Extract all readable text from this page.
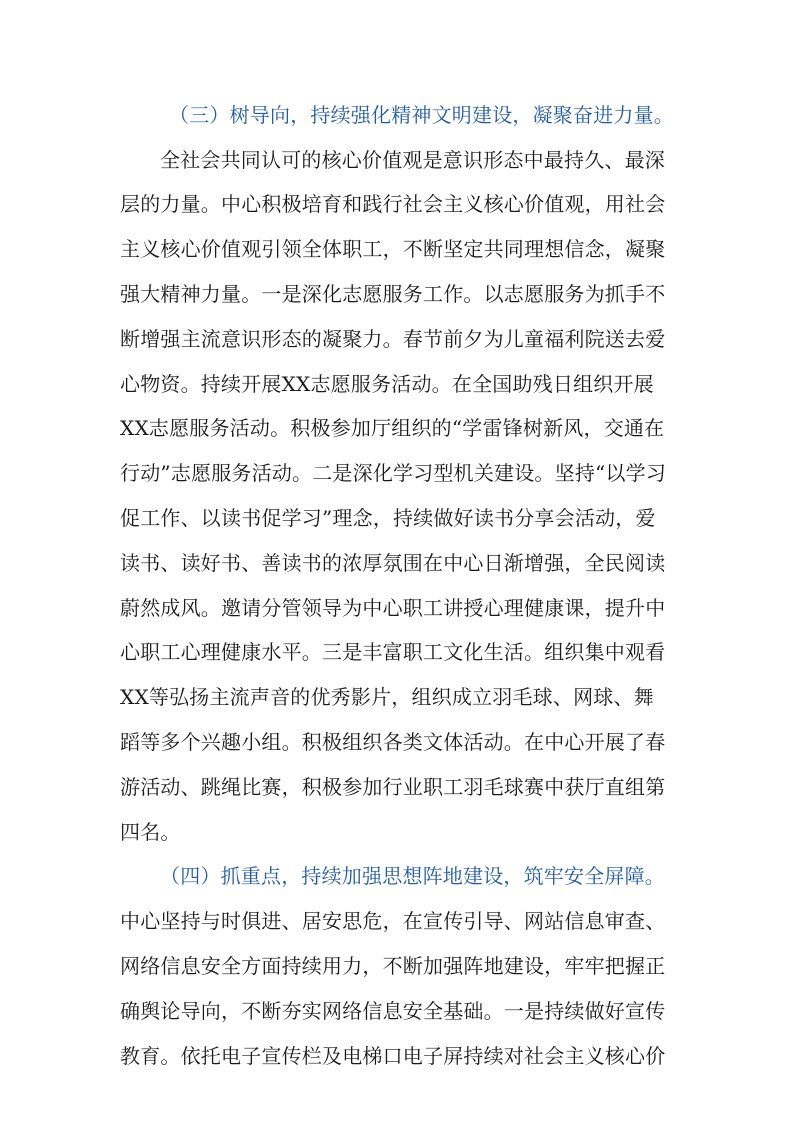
（三）树导向，持续强化精神文明建设，凝聚奋进力量。
全社会共同认可的核心价值观是意识形态中最持久、最深
层的力量。中心积极培育和践行社会主义核心价值观，用社会
主义核心价值观引领全体职工，不断坚定共同理想信念，凝聚
强大精神力量。一是深化志愿服务工作。以志愿服务为抓手不
断增强主流意识形态的凝聚力。春节前夕为儿童福利院送去爱
心物资。持续开展XX志愿服务活动。在全国助残日组织开展
XX志愿服务活动。积极参加厅组织的“学雷锋树新风，交通在
行动”志愿服务活动。二是深化学习型机关建设。坚持“以学习
促工作、以读书促学习”理念，持续做好读书分享会活动，爱
读书、读好书、善读书的浓厚氛围在中心日渐增强，全民阅读
蔚然成风。邀请分管领导为中心职工讲授心理健康课，提升中
心职工心理健康水平。三是丰富职工文化生活。组织集中观看
XX等弘扬主流声音的优秀影片，组织成立羽毛球、网球、舞
蹈等多个兴趣小组。积极组织各类文体活动。在中心开展了春
游活动、跳绳比赛，积极参加行业职工羽毛球赛中获厅直组第
四名。
（四）抓重点，持续加强思想阵地建设，筑牢安全屏障。
中心坚持与时俱进、居安思危，在宣传引导、网站信息审查、
网络信息安全方面持续用力，不断加强阵地建设，牢牢把握正
确舆论导向，不断夯实网络信息安全基础。一是持续做好宣传
教育。依托电子宣传栏及电梯口电子屏持续对社会主义核心价
